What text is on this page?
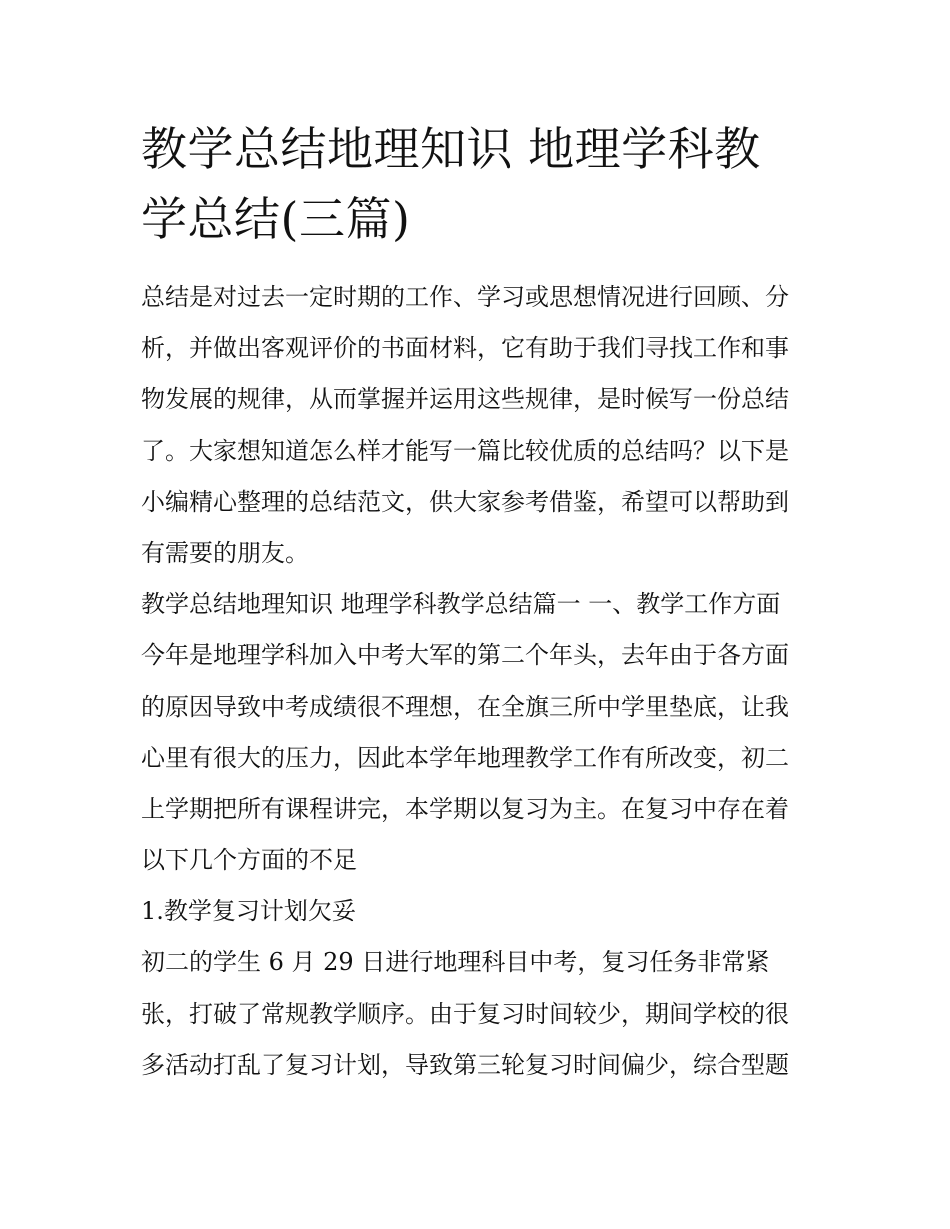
教学总结地理知识 地理学科教
学总结(三篇)

总结是对过去一定时期的工作、学习或思想情况进行回顾、分
析，并做出客观评价的书面材料，它有助于我们寻找工作和事
物发展的规律，从而掌握并运用这些规律，是时候写一份总结
了。大家想知道怎么样才能写一篇比较优质的总结吗？以下是
小编精心整理的总结范文，供大家参考借鉴，希望可以帮助到
有需要的朋友。

教学总结地理知识 地理学科教学总结篇一 一、教学工作方面

今年是地理学科加入中考大军的第二个年头，去年由于各方面
的原因导致中考成绩很不理想，在全旗三所中学里垫底，让我
心里有很大的压力，因此本学年地理教学工作有所改变，初二
上学期把所有课程讲完，本学期以复习为主。在复习中存在着
以下几个方面的不足

1.教学复习计划欠妥

初二的学生 6 月 29 日进行地理科目中考，复习任务非常紧
张，打破了常规教学顺序。由于复习时间较少，期间学校的很
多活动打乱了复习计划，导致第三轮复习时间偏少，综合型题
